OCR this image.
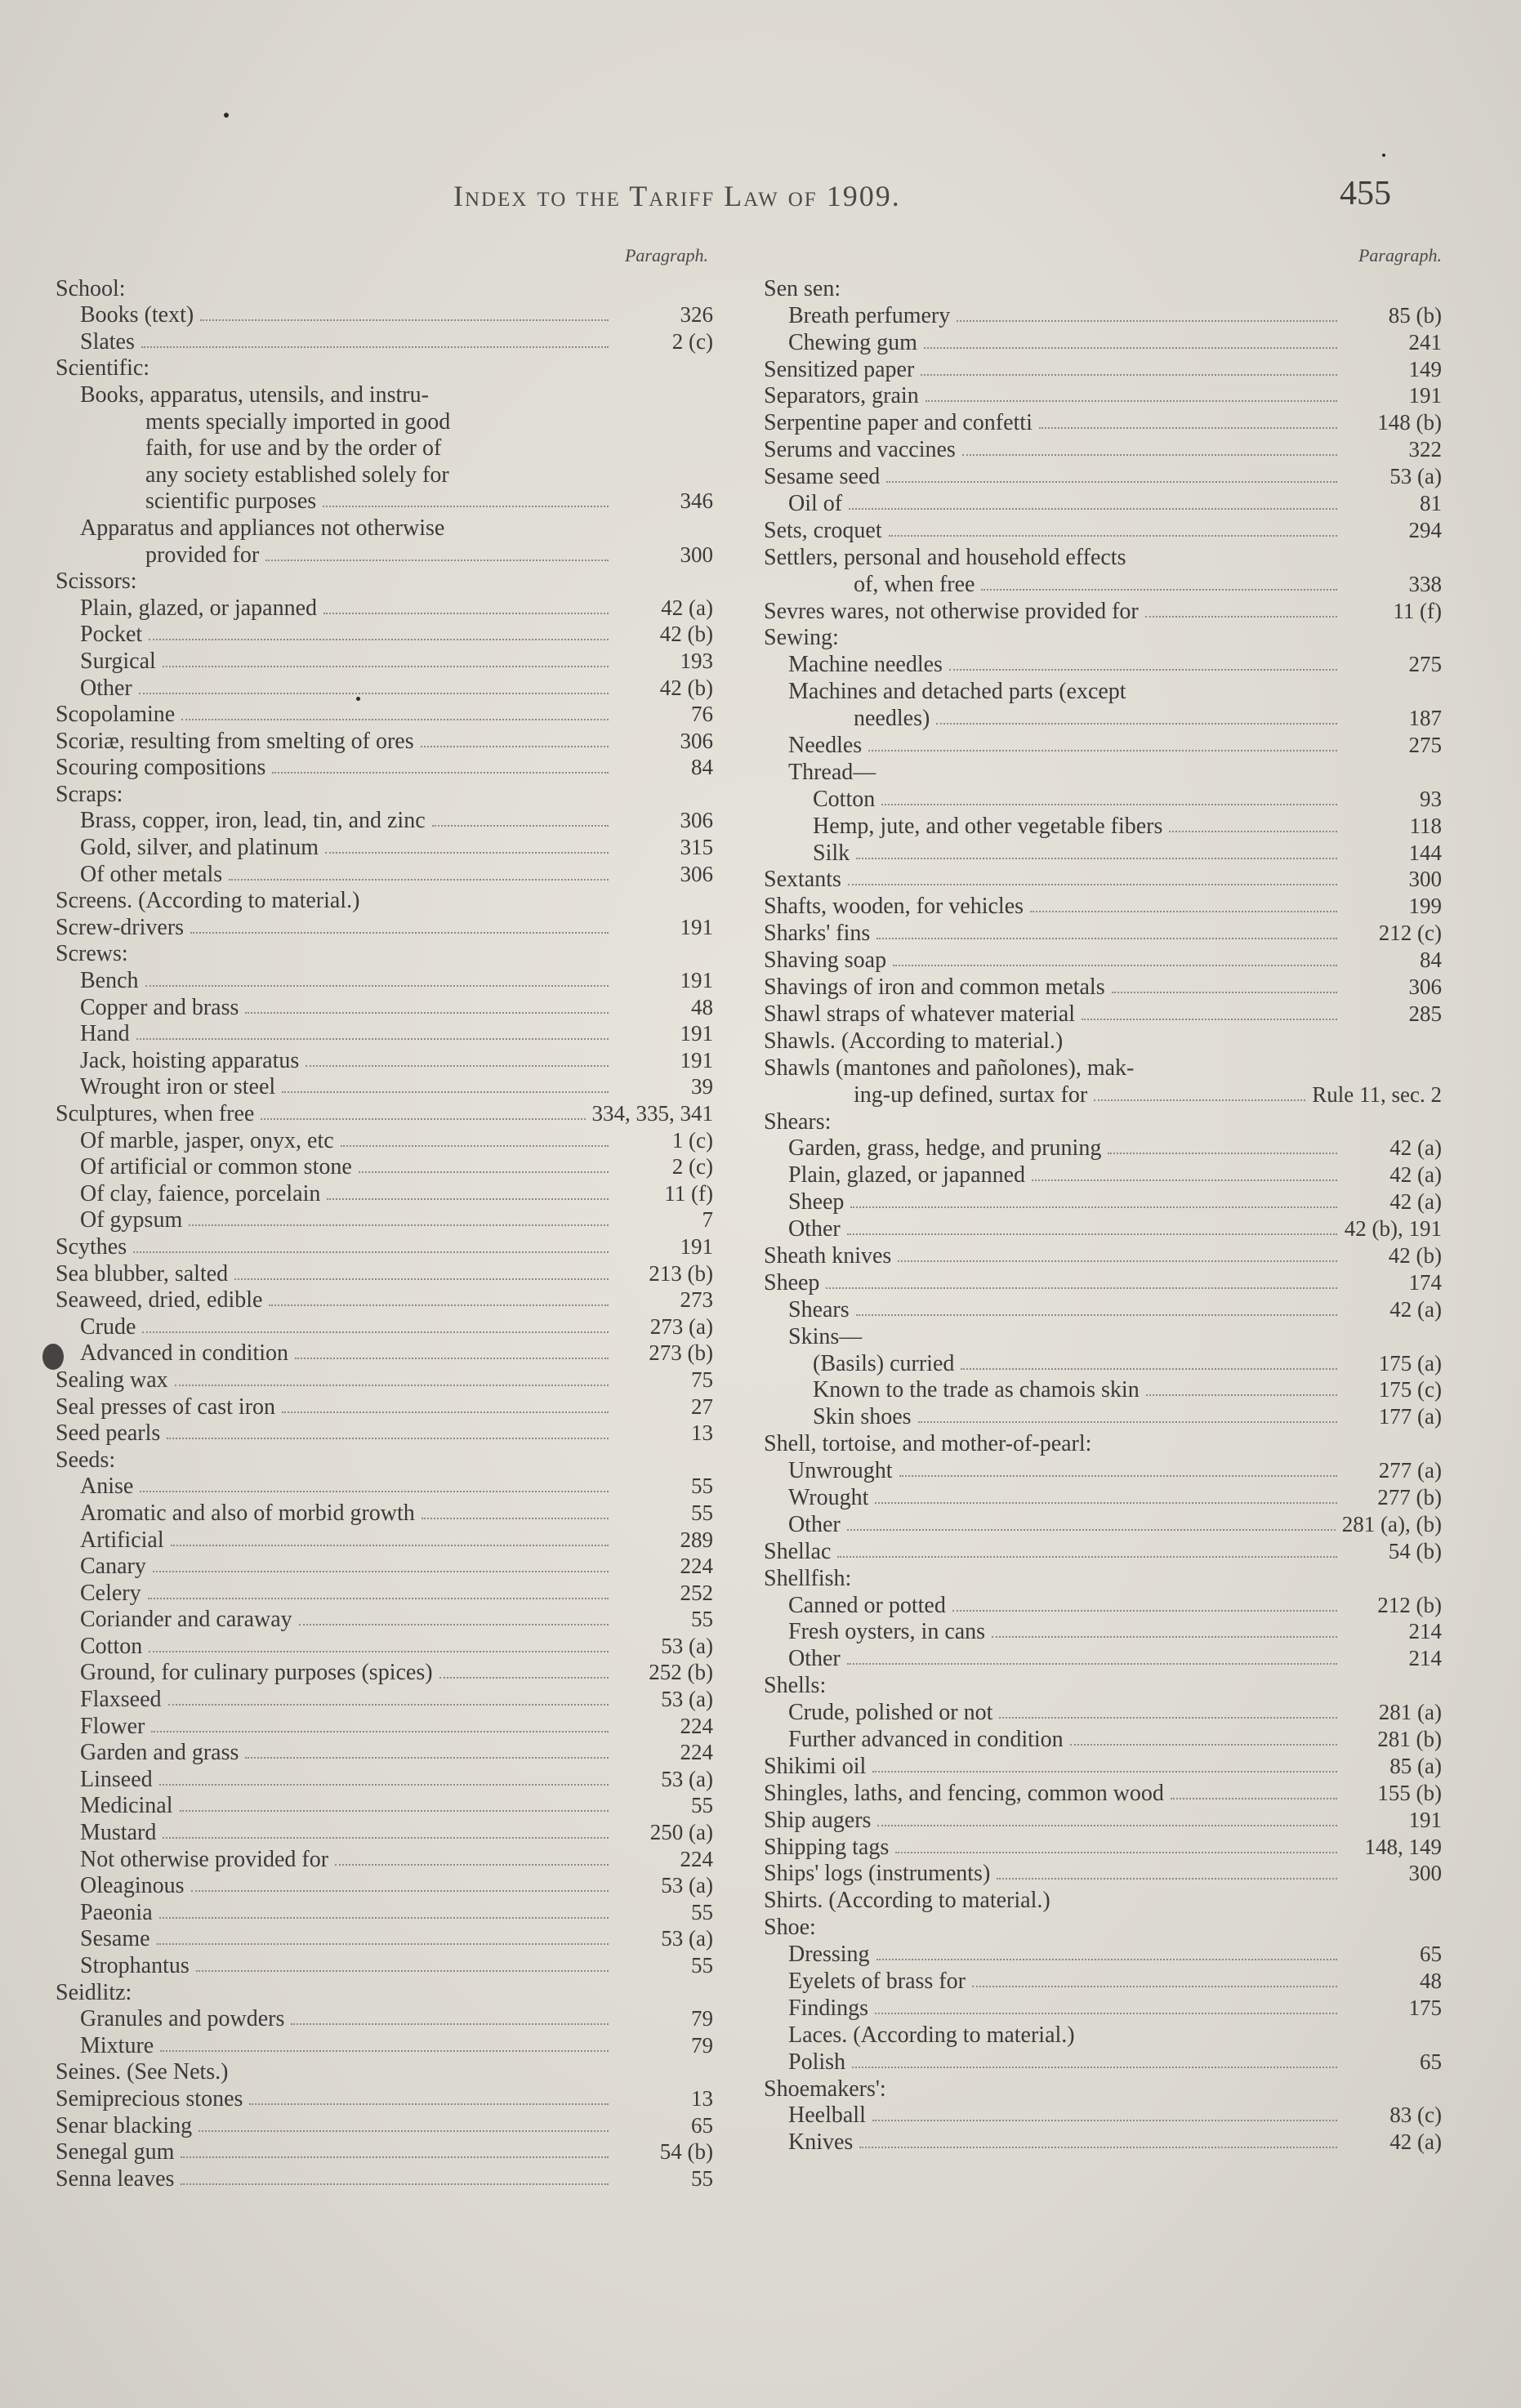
Index to the Tariff Law of 1909.	455
Paragraph.
School:
Books (text)	326
Slates	2 (c)
Scientific:
Books, apparatus, utensils, and instru-
ments specially imported in good
faith, for use and by the order of
any society established solely for
scientific purposes	346
Apparatus and appliances not otherwise
provided for	300
Scissors:
Plain, glazed, or japanned	42 (a)
Pocket	42 (b)
Surgical	193
Other	42 (b)
Scopolamine	76
Scoriæ, resulting from smelting of ores	306
Scouring compositions	84
Scraps:
Brass, copper, iron, lead, tin, and zinc	306
Gold, silver, and platinum	315
Of other metals	306
Screens. (According to material.)
Screw-drivers	191
Screws:
Bench	191
Copper and brass	48
Hand	191
Jack, hoisting apparatus	191
Wrought iron or steel	39
Sculptures, when free	334, 335, 341
Of marble, jasper, onyx, etc	1 (c)
Of artificial or common stone	2 (c)
Of clay, faience, porcelain	11 (f)
Of gypsum	7
Scythes	191
Sea blubber, salted	213 (b)
Seaweed, dried, edible	273
Crude	273 (a)
Advanced in condition	273 (b)
Sealing wax	75
Seal presses of cast iron	27
Seed pearls	13
Seeds:
Anise	55
Aromatic and also of morbid growth	55
Artificial	289
Canary	224
Celery	252
Coriander and caraway	55
Cotton	53 (a)
Ground, for culinary purposes (spices)	252 (b)
Flaxseed	53 (a)
Flower	224
Garden and grass	224
Linseed	53 (a)
Medicinal	55
Mustard	250 (a)
Not otherwise provided for	224
Oleaginous	53 (a)
Paeonia	55
Sesame	53 (a)
Strophantus	55
Seidlitz:
Granules and powders	79
Mixture	79
Seines. (See Nets.)
Semiprecious stones	13
Senar blacking	65
Senegal gum	54 (b)
Senna leaves	55
Paragraph.
Sen sen:
Breath perfumery	85 (b)
Chewing gum	241
Sensitized paper	149
Separators, grain	191
Serpentine paper and confetti	148 (b)
Serums and vaccines	322
Sesame seed	53 (a)
Oil of	81
Sets, croquet	294
Settlers, personal and household effects
of, when free	338
Sevres wares, not otherwise provided for	11 (f)
Sewing:
Machine needles	275
Machines and detached parts (except
needles)	187
Needles	275
Thread—
Cotton	93
Hemp, jute, and other vegetable fibers	118
Silk	144
Sextants	300
Shafts, wooden, for vehicles	199
Sharks' fins	212 (c)
Shaving soap	84
Shavings of iron and common metals	306
Shawl straps of whatever material	285
Shawls. (According to material.)
Shawls (mantones and pañolones), mak-
ing-up defined, surtax for	Rule 11, sec. 2
Shears:
Garden, grass, hedge, and pruning	42 (a)
Plain, glazed, or japanned	42 (a)
Sheep	42 (a)
Other	42 (b), 191
Sheath knives	42 (b)
Sheep	174
Shears	42 (a)
Skins—
(Basils) curried	175 (a)
Known to the trade as chamois skin	175 (c)
Skin shoes	177 (a)
Shell, tortoise, and mother-of-pearl:
Unwrought	277 (a)
Wrought	277 (b)
Other	281 (a), (b)
Shellac	54 (b)
Shellfish:
Canned or potted	212 (b)
Fresh oysters, in cans	214
Other	214
Shells:
Crude, polished or not	281 (a)
Further advanced in condition	281 (b)
Shikimi oil	85 (a)
Shingles, laths, and fencing, common wood	155 (b)
Ship augers	191
Shipping tags	148, 149
Ships' logs (instruments)	300
Shirts. (According to material.)
Shoe:
Dressing	65
Eyelets of brass for	48
Findings	175
Laces. (According to material.)
Polish	65
Shoemakers':
Heelball	83 (c)
Knives	42 (a)
